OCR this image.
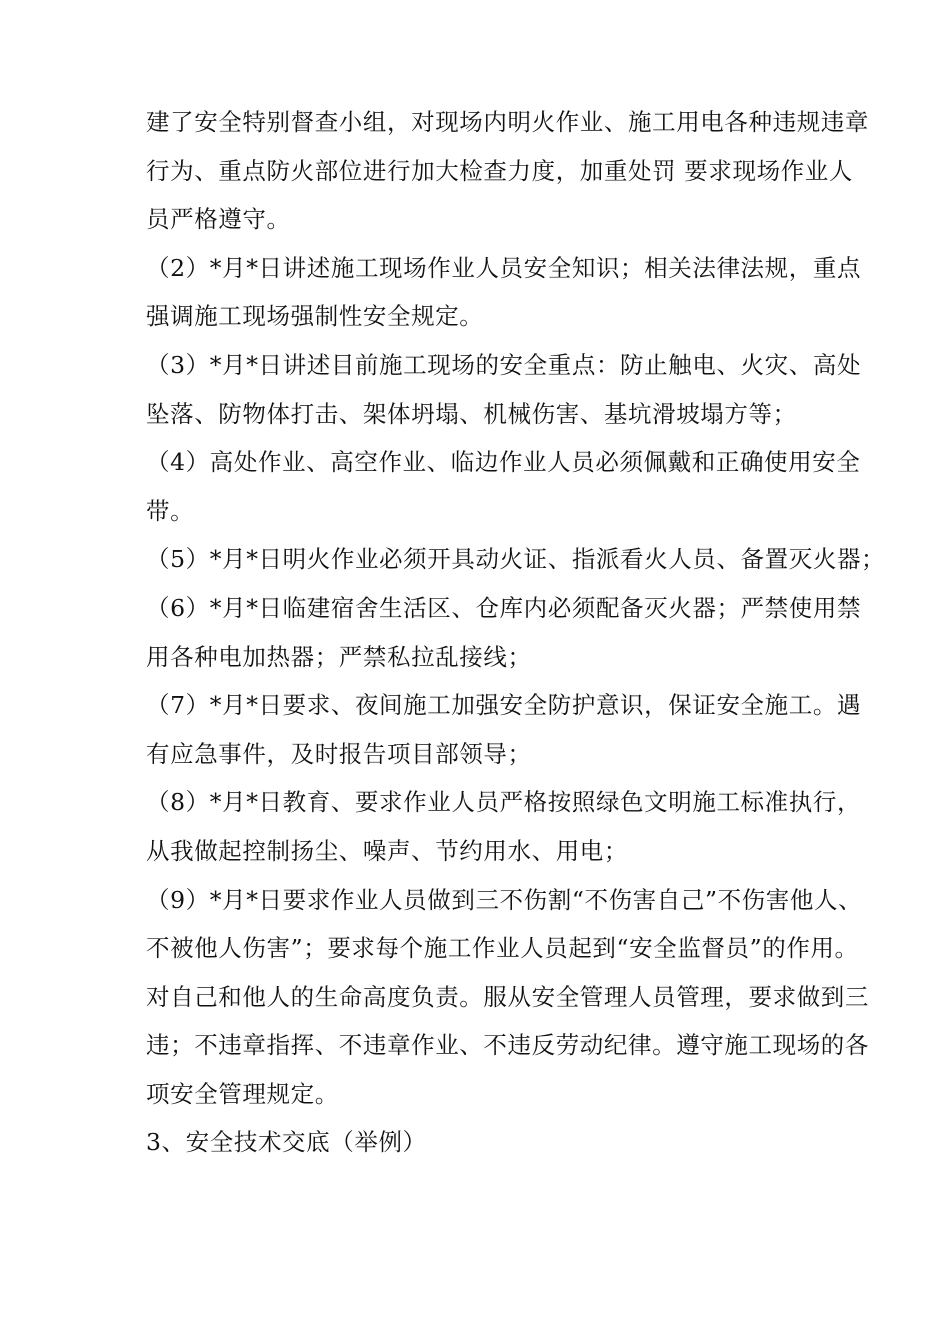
建了安全特别督查小组，对现场内明火作业、施工用电各种违规违章
行为、重点防火部位进行加大检查力度，加重处罚 要求现场作业人
员严格遵守。
（2）*月*日讲述施工现场作业人员安全知识；相关法律法规，重点
强调施工现场强制性安全规定。
（3）*月*日讲述目前施工现场的安全重点：防止触电、火灾、高处
坠落、防物体打击、架体坍塌、机械伤害、基坑滑坡塌方等；
（4）高处作业、高空作业、临边作业人员必须佩戴和正确使用安全
带。
（5）*月*日明火作业必须开具动火证、指派看火人员、备置灭火器；
（6）*月*日临建宿舍生活区、仓库内必须配备灭火器；严禁使用禁
用各种电加热器；严禁私拉乱接线；
（7）*月*日要求、夜间施工加强安全防护意识，保证安全施工。遇
有应急事件，及时报告项目部领导；
（8）*月*日教育、要求作业人员严格按照绿色文明施工标准执行，
从我做起控制扬尘、噪声、节约用水、用电；
（9）*月*日要求作业人员做到三不伤割“不伤害自己”不伤害他人、
不被他人伤害”；要求每个施工作业人员起到“安全监督员”的作用。
对自己和他人的生命高度负责。服从安全管理人员管理，要求做到三
违；不违章指挥、不违章作业、不违反劳动纪律。遵守施工现场的各
项安全管理规定。
3、安全技术交底（举例）
